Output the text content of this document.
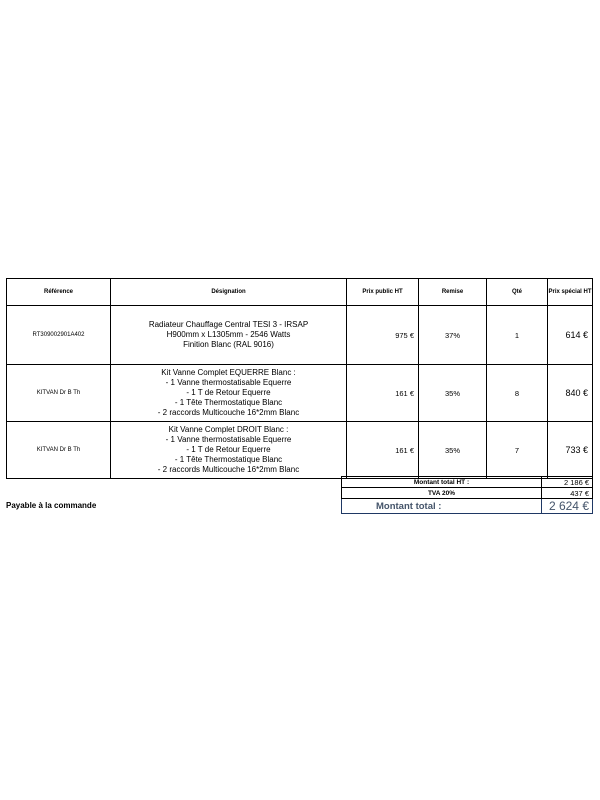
Référence	Désignation	Prix public HT	Remise	Qté	Prix spécial HT
RT309002901A402	Radiateur Chauffage Central TESI 3 - IRSAP
H900mm x L1305mm - 2546 Watts
Finition Blanc (RAL 9016)	975 €	37%	1	614 €
KITVAN Dr B Th	Kit Vanne Complet EQUERRE Blanc :
- 1 Vanne thermostatisable Equerre
- 1 T de Retour Equerre
- 1 Tête Thermostatique Blanc
- 2 raccords Multicouche 16*2mm Blanc	161 €	35%	8	840 €
KITVAN Dr B Th	Kit Vanne Complet DROIT Blanc :
- 1 Vanne thermostatisable Equerre
- 1 T de Retour Equerre
- 1 Tête Thermostatique Blanc
- 2 raccords Multicouche 16*2mm Blanc	161 €	35%	7	733 €
Montant total HT :	2 186 €
TVA 20%	437 €
Montant total :	2 624 €
Payable à la commande
